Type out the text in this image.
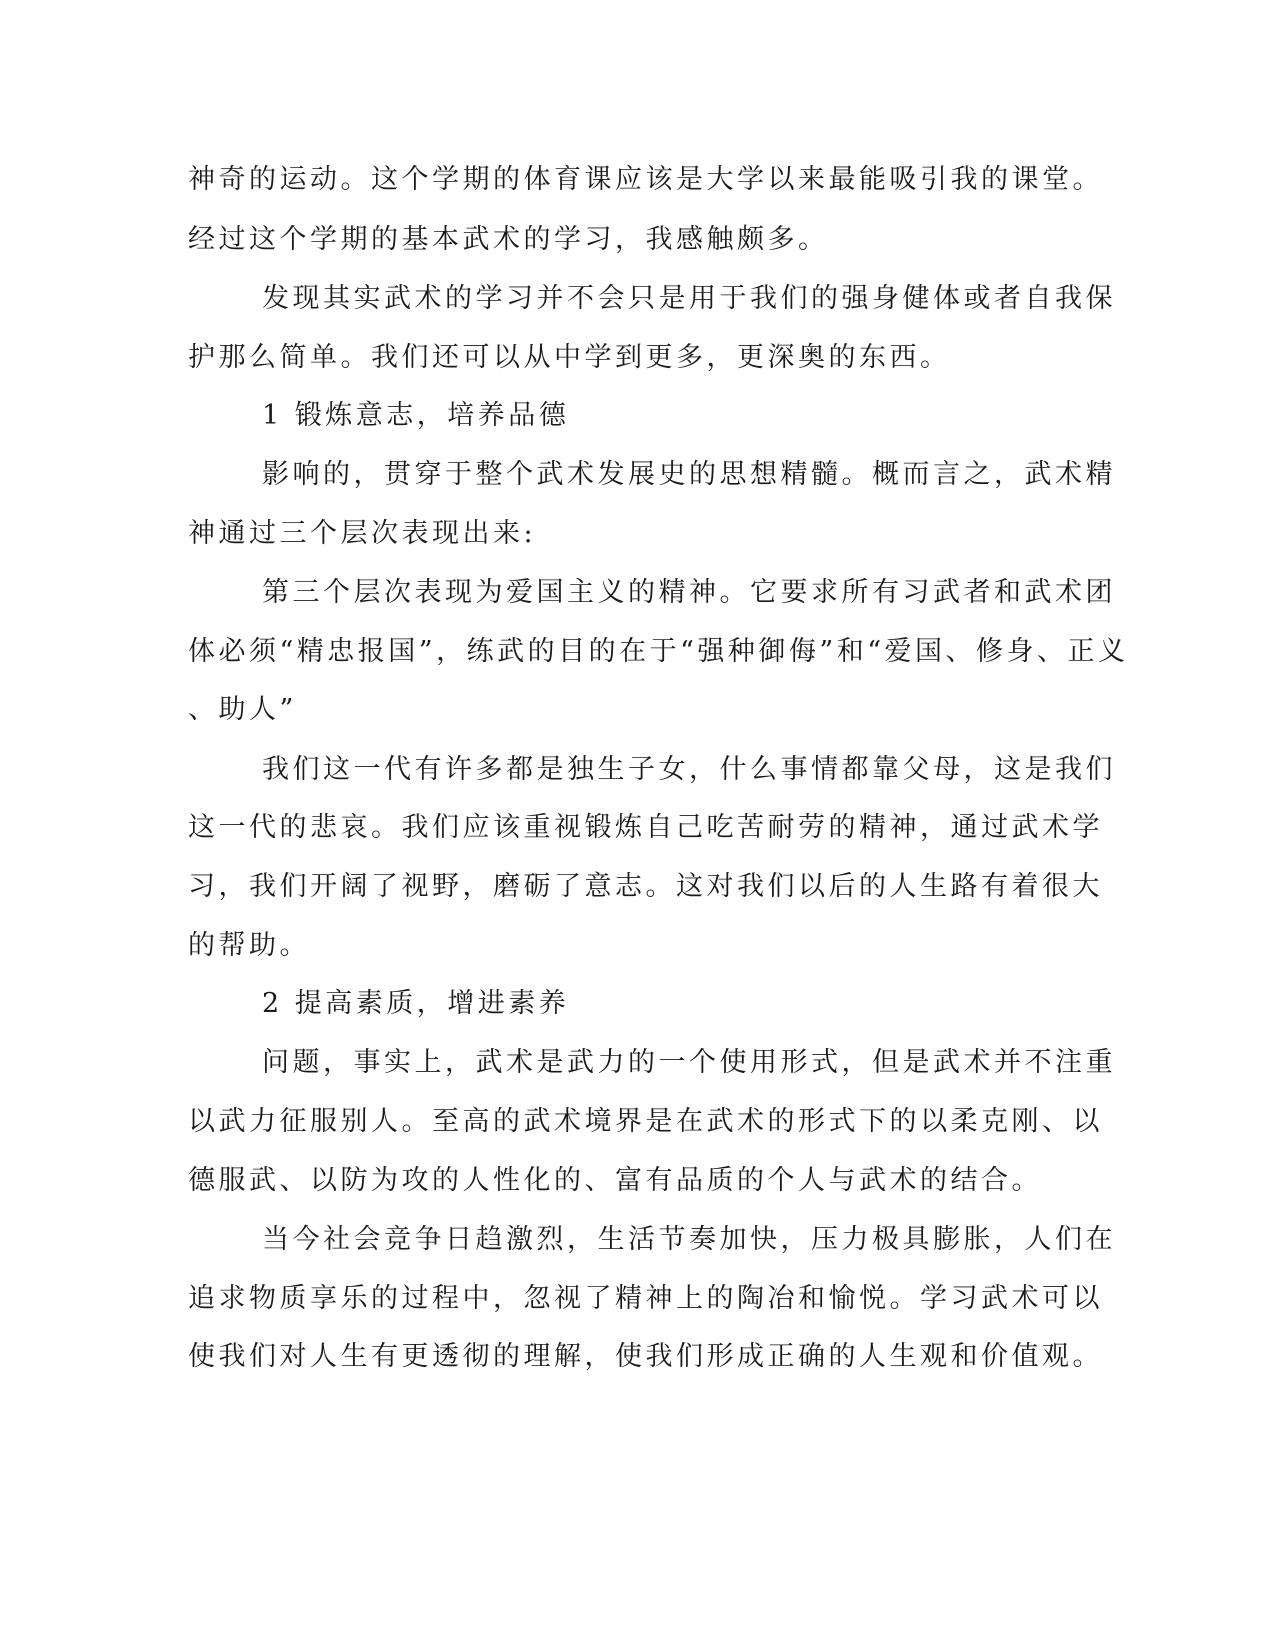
神奇的运动。这个学期的体育课应该是大学以来最能吸引我的课堂。
经过这个学期的基本武术的学习，我感触颇多。
发现其实武术的学习并不会只是用于我们的强身健体或者自我保
护那么简单。我们还可以从中学到更多，更深奥的东西。
1 锻炼意志，培养品德
影响的，贯穿于整个武术发展史的思想精髓。概而言之，武术精
神通过三个层次表现出来:
第三个层次表现为爱国主义的精神。它要求所有习武者和武术团
体必须“精忠报国”，练武的目的在于“强种御侮”和“爱国、修身、正义
、助人”
我们这一代有许多都是独生子女，什么事情都靠父母，这是我们
这一代的悲哀。我们应该重视锻炼自己吃苦耐劳的精神，通过武术学
习，我们开阔了视野，磨砺了意志。这对我们以后的人生路有着很大
的帮助。
2 提高素质，增进素养
问题，事实上，武术是武力的一个使用形式，但是武术并不注重
以武力征服别人。至高的武术境界是在武术的形式下的以柔克刚、以
德服武、以防为攻的人性化的、富有品质的个人与武术的结合。
当今社会竞争日趋激烈，生活节奏加快，压力极具膨胀，人们在
追求物质享乐的过程中，忽视了精神上的陶冶和愉悦。学习武术可以
使我们对人生有更透彻的理解，使我们形成正确的人生观和价值观。
